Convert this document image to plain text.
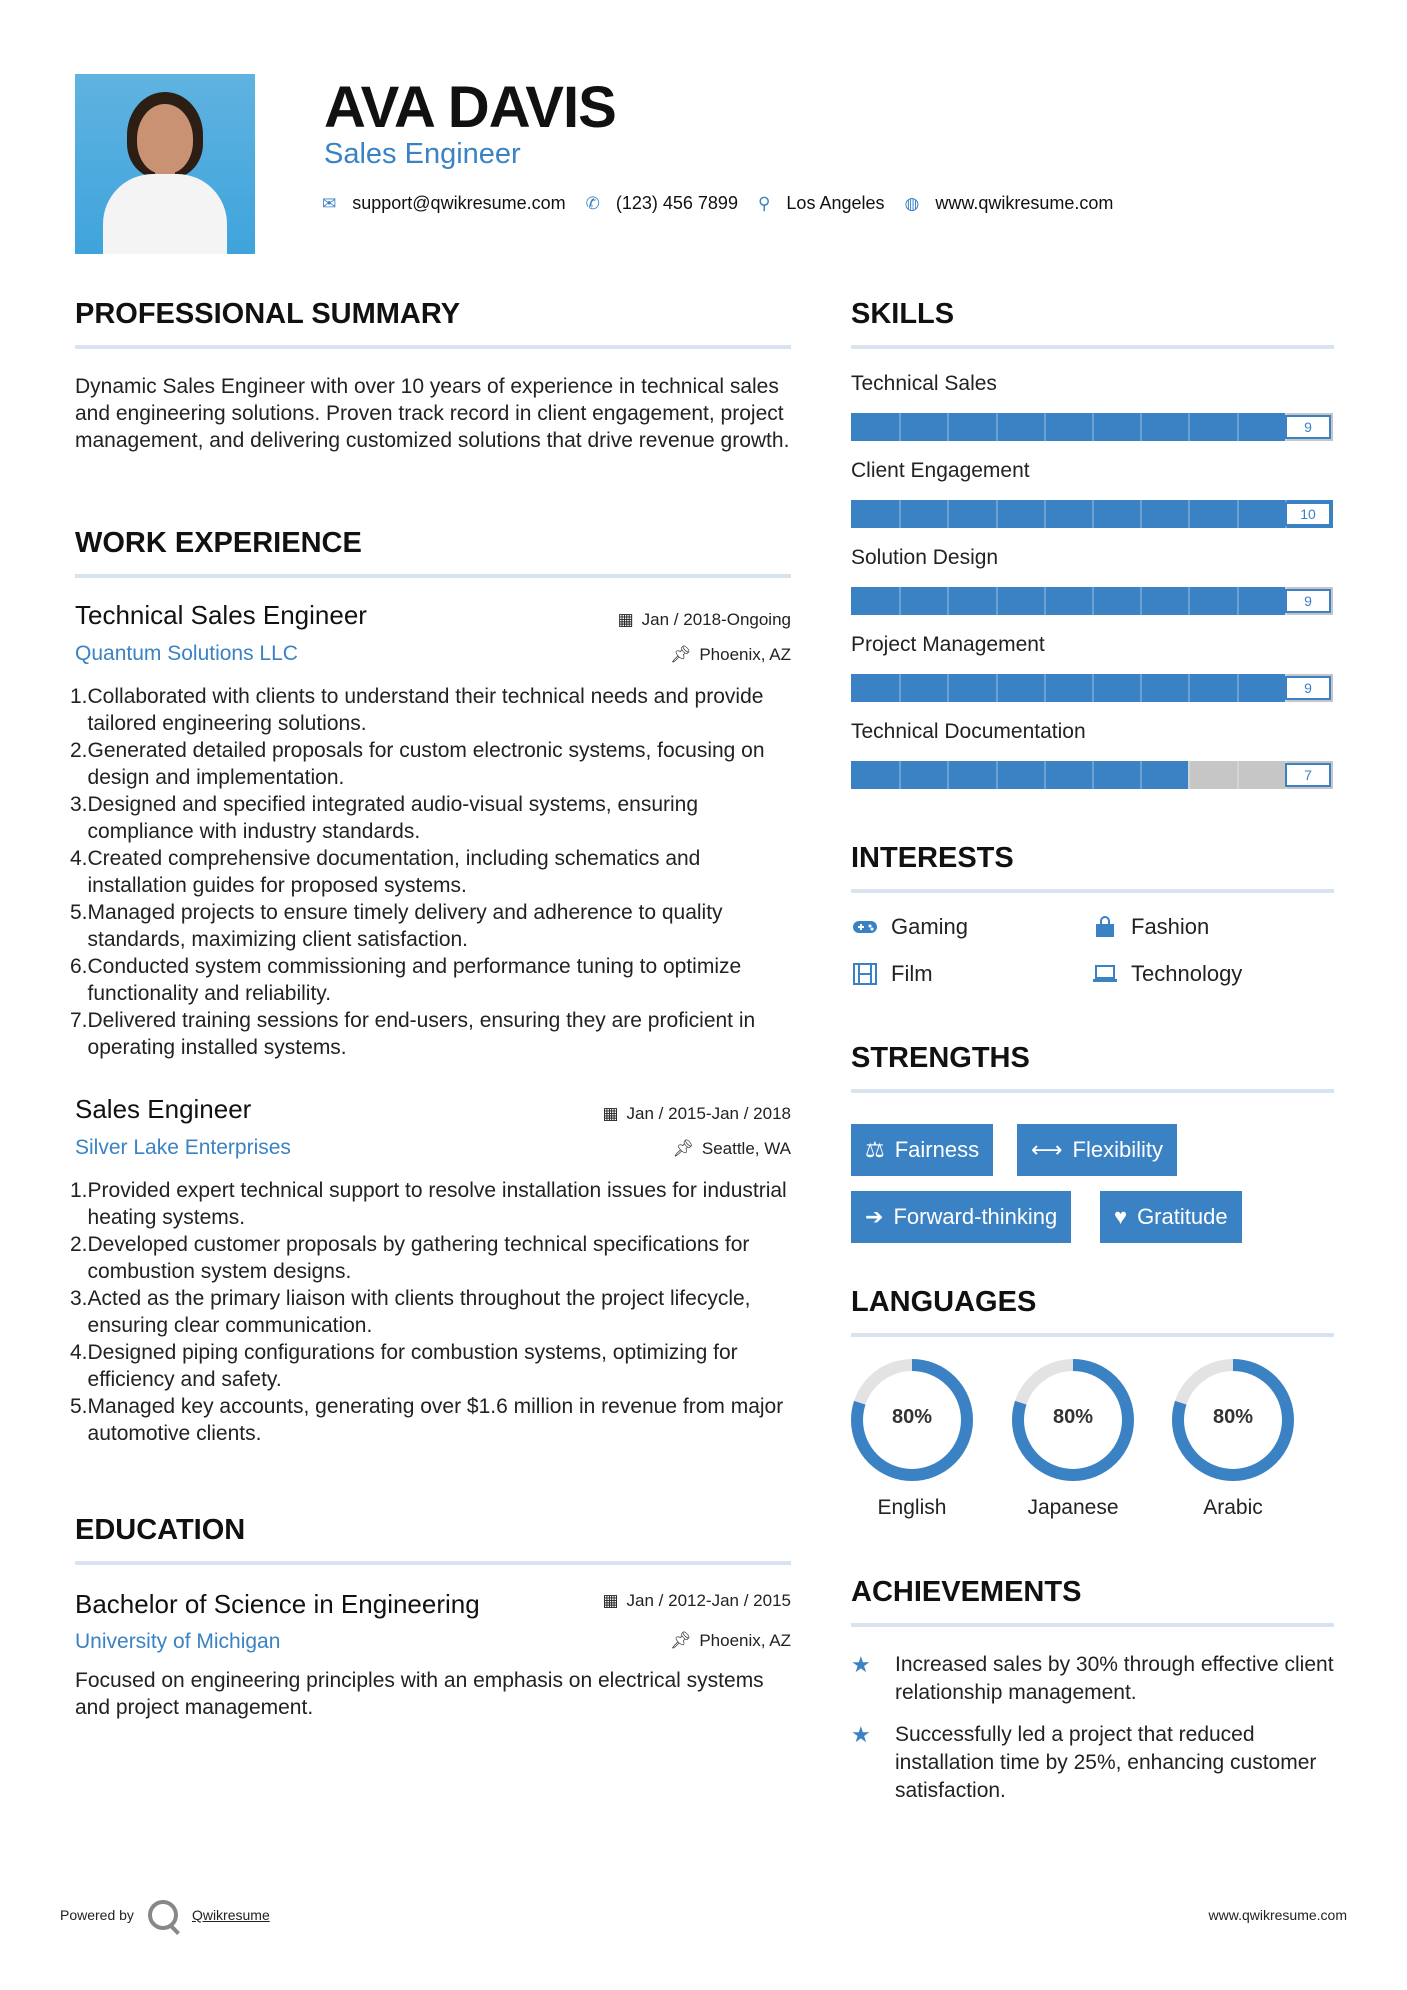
AVA DAVIS
Sales Engineer
✉ support@qwikresume.com ✆ (123) 456 7899 ⚲ Los Angeles ◍ www.qwikresume.com
PROFESSIONAL SUMMARY
Dynamic Sales Engineer with over 10 years of experience in technical sales and engineering solutions. Proven track record in client engagement, project management, and delivering customized solutions that drive revenue growth.
WORK EXPERIENCE
Technical Sales Engineer	▦ Jan / 2018-Ongoing
Quantum Solutions LLC	📌︎ Phoenix, AZ
1. Collaborated with clients to understand their technical needs and provide tailored engineering solutions.
2. Generated detailed proposals for custom electronic systems, focusing on design and implementation.
3. Designed and specified integrated audio-visual systems, ensuring compliance with industry standards.
4. Created comprehensive documentation, including schematics and installation guides for proposed systems.
5. Managed projects to ensure timely delivery and adherence to quality standards, maximizing client satisfaction.
6. Conducted system commissioning and performance tuning to optimize functionality and reliability.
7. Delivered training sessions for end-users, ensuring they are proficient in operating installed systems.
Sales Engineer	▦ Jan / 2015-Jan / 2018
Silver Lake Enterprises	📌︎ Seattle, WA
1. Provided expert technical support to resolve installation issues for industrial heating systems.
2. Developed customer proposals by gathering technical specifications for combustion system designs.
3. Acted as the primary liaison with clients throughout the project lifecycle, ensuring clear communication.
4. Designed piping configurations for combustion systems, optimizing for efficiency and safety.
5. Managed key accounts, generating over $1.6 million in revenue from major automotive clients.
EDUCATION
Bachelor of Science in Engineering	▦ Jan / 2012-Jan / 2015
University of Michigan	📌︎ Phoenix, AZ
Focused on engineering principles with an emphasis on electrical systems and project management.
SKILLS
Technical Sales
9
Client Engagement
10
Solution Design
9
Project Management
9
Technical Documentation
7
INTERESTS
Gaming	Fashion
Film	Technology
STRENGTHS
⚖ Fairness ⟷ Flexibility
➔ Forward-thinking	♥ Gratitude
LANGUAGES
80%
English
80%
Japanese
80%
Arabic
ACHIEVEMENTS
★	Increased sales by 30% through effective client relationship management.
★	Successfully led a project that reduced installation time by 25%, enhancing customer satisfaction.
Powered by	Qwikresume	www.qwikresume.com
